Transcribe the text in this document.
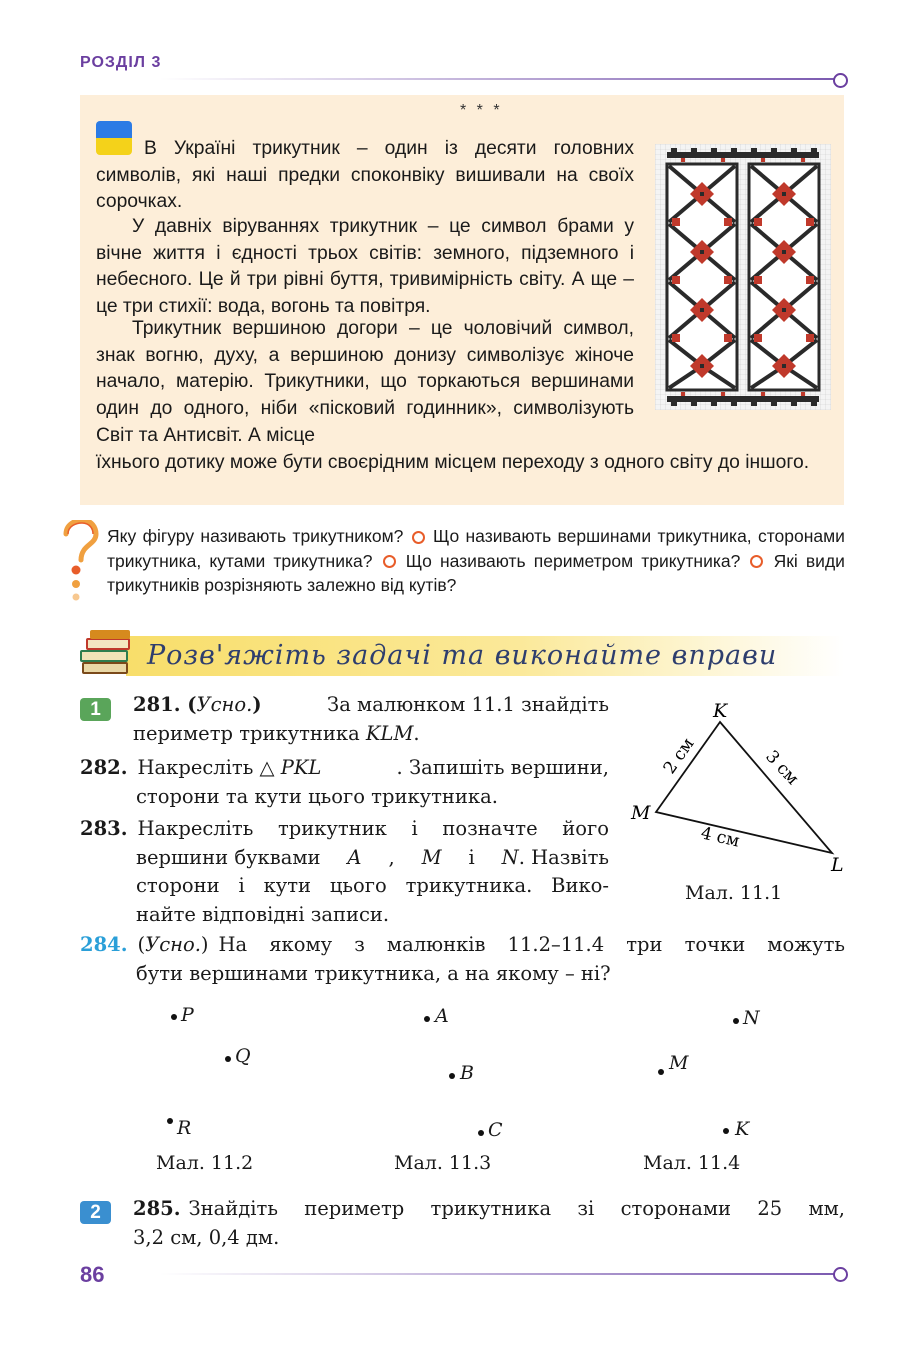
РОЗДІЛ 3
* * *
В Україні трикутник – один із десяти головних символів, які наші предки споконвіку вишивали на своїх сорочках.
У давніх віруваннях трикутник – це символ брами у вічне життя і єдності трьох світів: земного, підземного і небесного. Це й три рівні буття, тривимірність світу. А ще – це три стихії: вода, вогонь та повітря.
Трикутник вершиною догори – це чоловічий символ, знак вогню, духу, а вершиною донизу символізує жіноче начало, матерію. Трикутники, що торкаються вершинами один до одного, ніби «пісковий годинник», символізують Світ та Антисвіт. А місце
їхнього дотику може бути своєрідним місцем переходу з одного світу до іншого.
Яку фігуру називають трикутником? Що називають вершинами трикутника, сторонами трикутника, кутами трикутника? Що називають периметром трикутника? Які види трикутників розрізняють залежно від кутів?
Розв'яжіть задачі та виконайте вправи
1	281. (Усно.)	За малюнком 11.1 знайдіть
периметр трикутника KLM.
282 . Накресліть △ PKL	. Запишіть вершини,
сторони та кути цього трикутника.
283 . Накресліть трикутник і позначте його
вершини буквами A , M і N. Назвіть
сторони і кути цього трикутника. Вико-
найте відповідні записи.
K
M
L
2 см	3 см
4 см
Мал. 11.1
284. (Усно.) На якому з малюнків 11.2–11.4 три точки можуть
бути вершинами трикутника, а на якому – ні?
P
Q
R
Мал. 11.2
A
B
C
Мал. 11.3
N
M
K
Мал. 11.4
2	285. Знайдіть периметр трикутника зі сторонами 25 мм,
3,2 см, 0,4 дм.
86
